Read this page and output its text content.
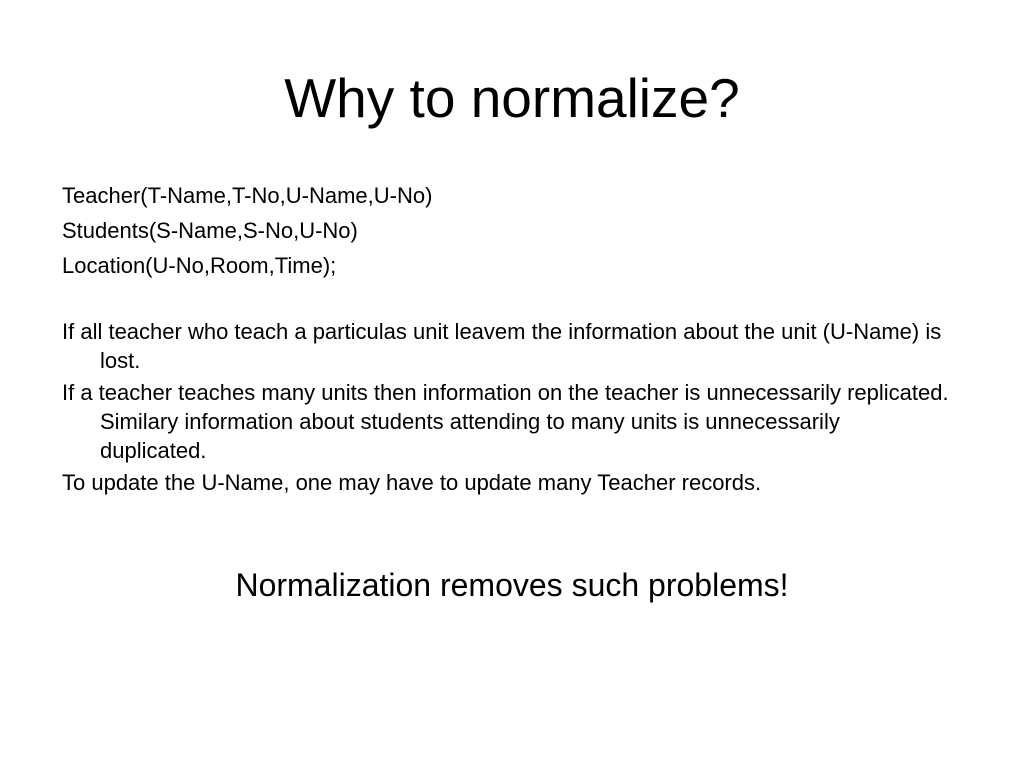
Why to normalize?
Teacher(T-Name,T-No,U-Name,U-No)
Students(S-Name,S-No,U-No)
Location(U-No,Room,Time);
If all teacher who teach a particulas unit leavem the information about the unit (U-Name) is lost.
If a teacher teaches many units then information on the teacher is unnecessarily replicated. Similary information about students attending to many units is unnecessarily duplicated.
To update the U-Name, one may have to update many Teacher records.

Normalization removes such problems!
